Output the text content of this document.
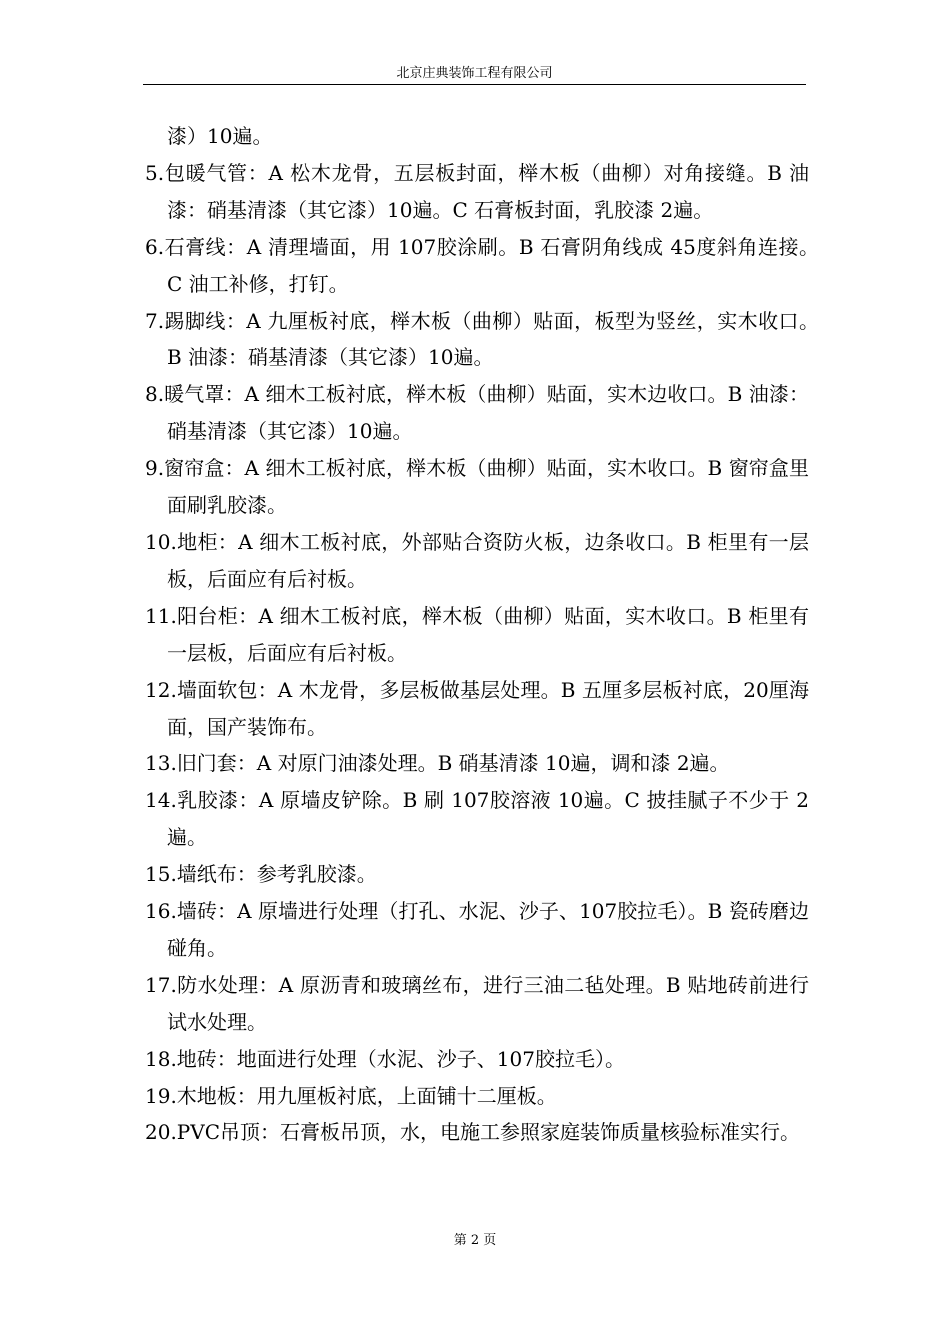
北京庄典装饰工程有限公司
漆）10遍。
5.包暖气管：A 松木龙骨，五层板封面，榉木板（曲柳）对角接缝。B 油漆：硝基清漆（其它漆）10遍。C 石膏板封面，乳胶漆 2遍。
6.石膏线：A 清理墙面，用 107胶涂刷。B 石膏阴角线成 45度斜角连接。　　C 油工补修，打钉。
7.踢脚线：A 九厘板衬底，榉木板（曲柳）贴面，板型为竖丝，实木收口。　　B 油漆：硝基清漆（其它漆）10遍。
8.暖气罩：A 细木工板衬底，榉木板（曲柳）贴面，实木边收口。B 油漆：硝基清漆（其它漆）10遍。
9.窗帘盒：A 细木工板衬底，榉木板（曲柳）贴面，实木收口。B 窗帘盒里面刷乳胶漆。
10.地柜：A 细木工板衬底，外部贴合资防火板，边条收口。B 柜里有一层板，后面应有后衬板。
11.阳台柜：A 细木工板衬底，榉木板（曲柳）贴面，实木收口。B 柜里有一层板，后面应有后衬板。
12.墙面软包：A 木龙骨，多层板做基层处理。B 五厘多层板衬底，20厘海面，国产装饰布。
13.旧门套：A 对原门油漆处理。B 硝基清漆 10遍，调和漆 2遍。
14.乳胶漆：A 原墙皮铲除。B 刷 107胶溶液 10遍。C 披挂腻子不少于 2遍。
15.墙纸布：参考乳胶漆。
16.墙砖：A 原墙进行处理（打孔、水泥、沙子、107胶拉毛）。B 瓷砖磨边碰角。
17.防水处理：A 原沥青和玻璃丝布，进行三油二毡处理。B 贴地砖前进行试水处理。
18.地砖：地面进行处理（水泥、沙子、107胶拉毛）。
19.木地板：用九厘板衬底，上面铺十二厘板。
20.PVC吊顶：石膏板吊顶，水，电施工参照家庭装饰质量核验标准实行。
第 2 页
